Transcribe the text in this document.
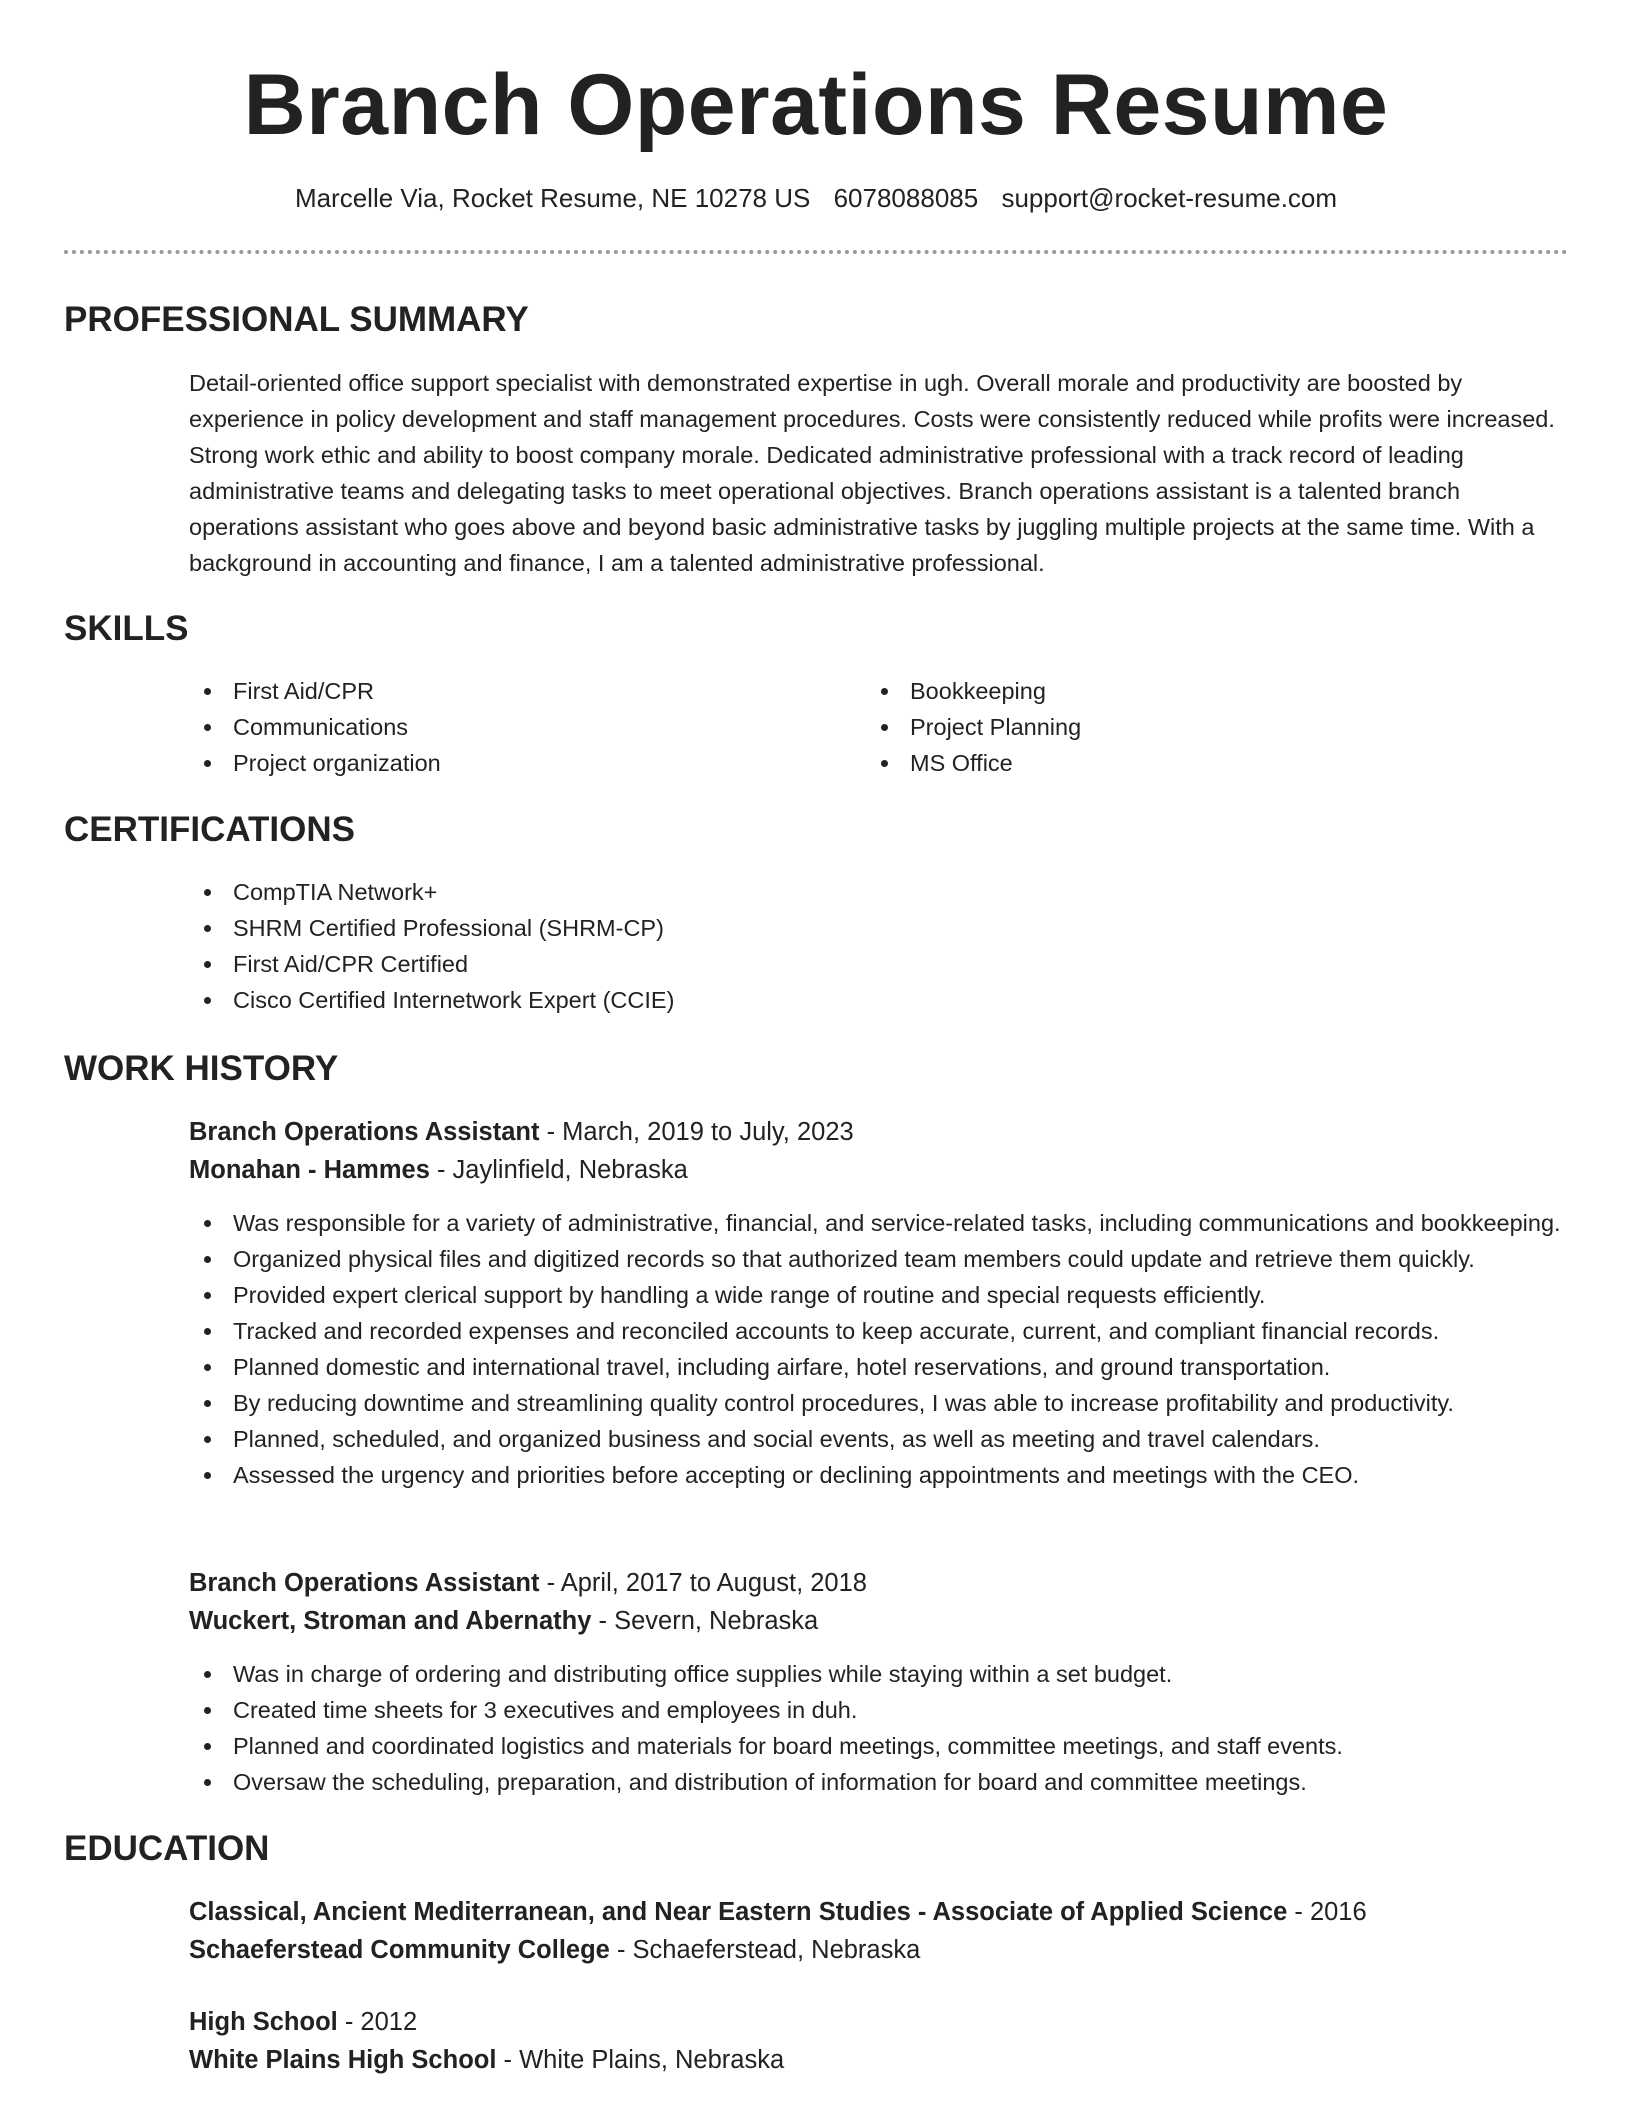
Branch Operations Resume
Marcelle Via, Rocket Resume, NE 10278 US 6078088085 support@rocket-resume.com
PROFESSIONAL SUMMARY

Detail-oriented office support specialist with demonstrated expertise in ugh. Overall morale and productivity are boosted by experience in policy development and staff management procedures. Costs were consistently reduced while profits were increased. Strong work ethic and ability to boost company morale. Dedicated administrative professional with a track record of leading administrative teams and delegating tasks to meet operational objectives. Branch operations assistant is a talented branch operations assistant who goes above and beyond basic administrative tasks by juggling multiple projects at the same time. With a background in accounting and finance, I am a talented administrative professional.

SKILLS
First Aid/CPR
Communications
Project organization
Bookkeeping
Project Planning
MS Office
CERTIFICATIONS
CompTIA Network+
SHRM Certified Professional (SHRM-CP)
First Aid/CPR Certified
Cisco Certified Internetwork Expert (CCIE)
WORK HISTORY
Branch Operations Assistant - March, 2019 to July, 2023
Monahan - Hammes - Jaylinfield, Nebraska
Was responsible for a variety of administrative, financial, and service-related tasks, including communications and bookkeeping.
Organized physical files and digitized records so that authorized team members could update and retrieve them quickly.
Provided expert clerical support by handling a wide range of routine and special requests efficiently.
Tracked and recorded expenses and reconciled accounts to keep accurate, current, and compliant financial records.
Planned domestic and international travel, including airfare, hotel reservations, and ground transportation.
By reducing downtime and streamlining quality control procedures, I was able to increase profitability and productivity.
Planned, scheduled, and organized business and social events, as well as meeting and travel calendars.
Assessed the urgency and priorities before accepting or declining appointments and meetings with the CEO.
Branch Operations Assistant - April, 2017 to August, 2018
Wuckert, Stroman and Abernathy - Severn, Nebraska
Was in charge of ordering and distributing office supplies while staying within a set budget.
Created time sheets for 3 executives and employees in duh.
Planned and coordinated logistics and materials for board meetings, committee meetings, and staff events.
Oversaw the scheduling, preparation, and distribution of information for board and committee meetings.
EDUCATION
Classical, Ancient Mediterranean, and Near Eastern Studies - Associate of Applied Science - 2016
Schaeferstead Community College - Schaeferstead, Nebraska
High School - 2012
White Plains High School - White Plains, Nebraska
